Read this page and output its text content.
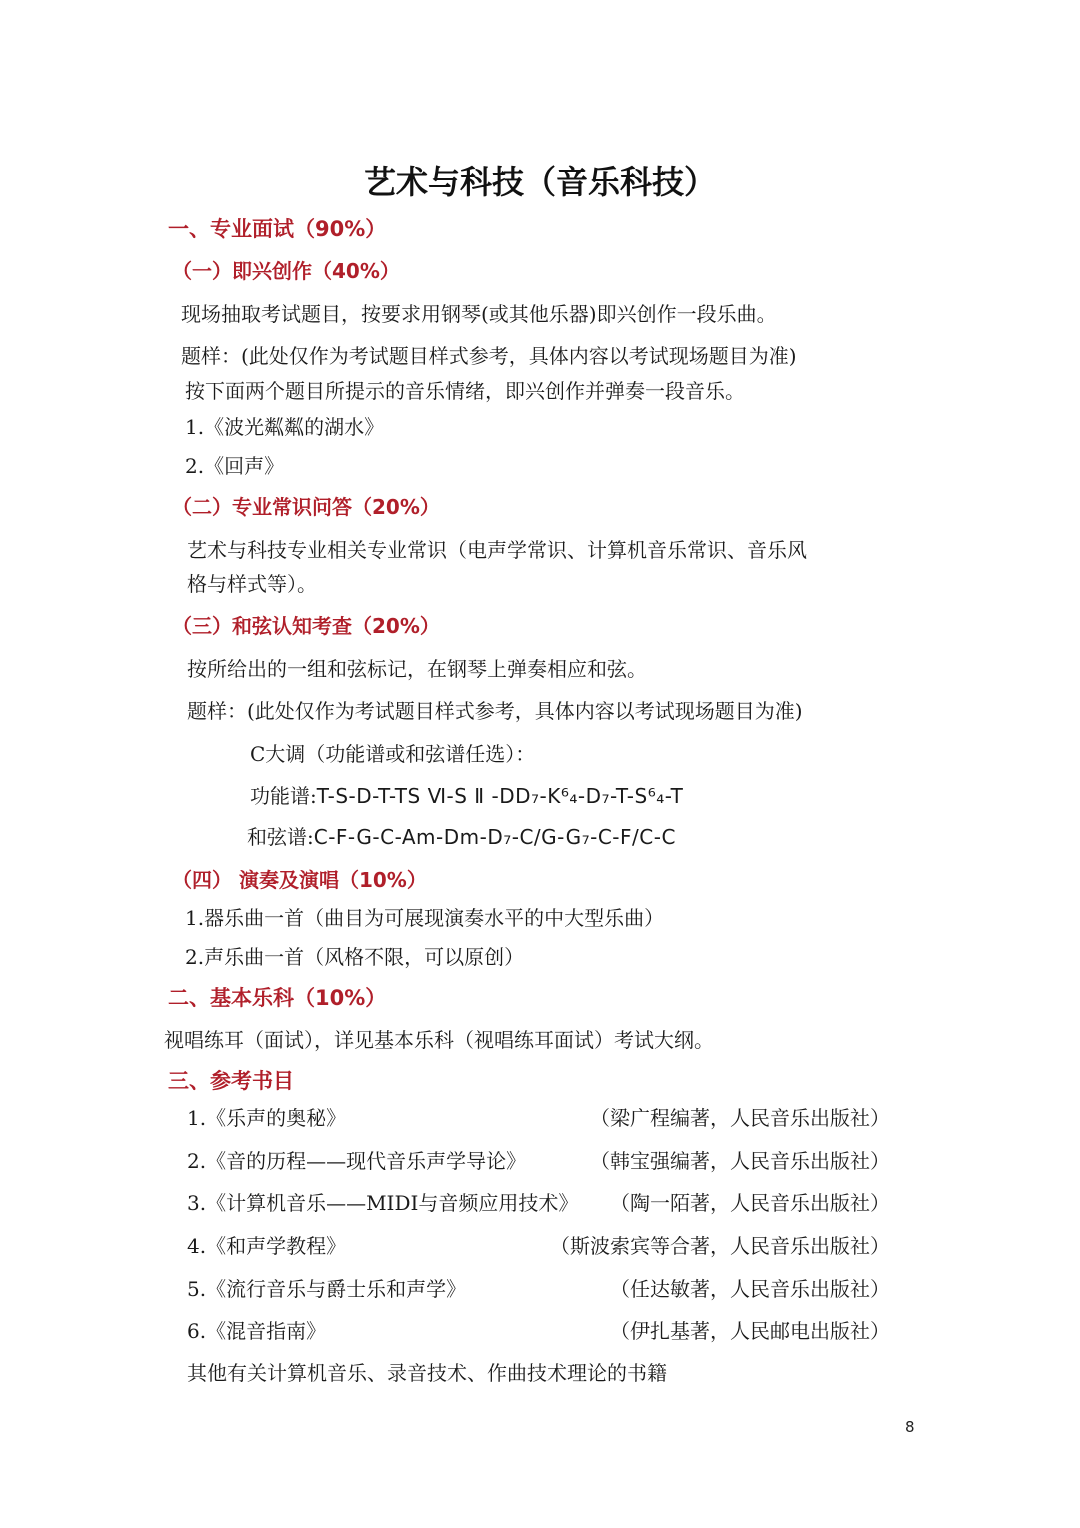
艺术与科技（音乐科技）
一、专业面试（90%）
（一）即兴创作（40%）
现场抽取考试题目，按要求用钢琴(或其他乐器)即兴创作一段乐曲。
题样：(此处仅作为考试题目样式参考，具体内容以考试现场题目为准)
按下面两个题目所提示的音乐情绪，即兴创作并弹奏一段音乐。
1.《波光粼粼的湖水》
2.《回声》
（二）专业常识问答（20%）
艺术与科技专业相关专业常识（电声学常识、计算机音乐常识、音乐风
格与样式等）。
（三）和弦认知考查（20%）
按所给出的一组和弦标记，在钢琴上弹奏相应和弦。
题样：(此处仅作为考试题目样式参考，具体内容以考试现场题目为准)
C大调（功能谱或和弦谱任选）：
功能谱:T-S-D-T-TS Ⅵ-S Ⅱ -DD₇-K⁶₄-D₇-T-S⁶₄-T
和弦谱:C-F-G-C-Am-Dm-D₇-C/G-G₇-C-F/C-C
（四） 演奏及演唱（10%）
1.器乐曲一首（曲目为可展现演奏水平的中大型乐曲）
2.声乐曲一首（风格不限，可以原创）
二、基本乐科（10%）
视唱练耳（面试），详见基本乐科（视唱练耳面试）考试大纲。
三、参考书目
1.《乐声的奥秘》	（梁广程编著，人民音乐出版社）
2.《音的历程——现代音乐声学导论》	（韩宝强编著，人民音乐出版社）
3.《计算机音乐——MIDI与音频应用技术》 （陶一陌著，人民音乐出版社）
4.《和声学教程》	（斯波索宾等合著，人民音乐出版社）
5.《流行音乐与爵士乐和声学》	（任达敏著，人民音乐出版社）
6.《混音指南》	（伊扎基著，人民邮电出版社）
其他有关计算机音乐、录音技术、作曲技术理论的书籍
8
